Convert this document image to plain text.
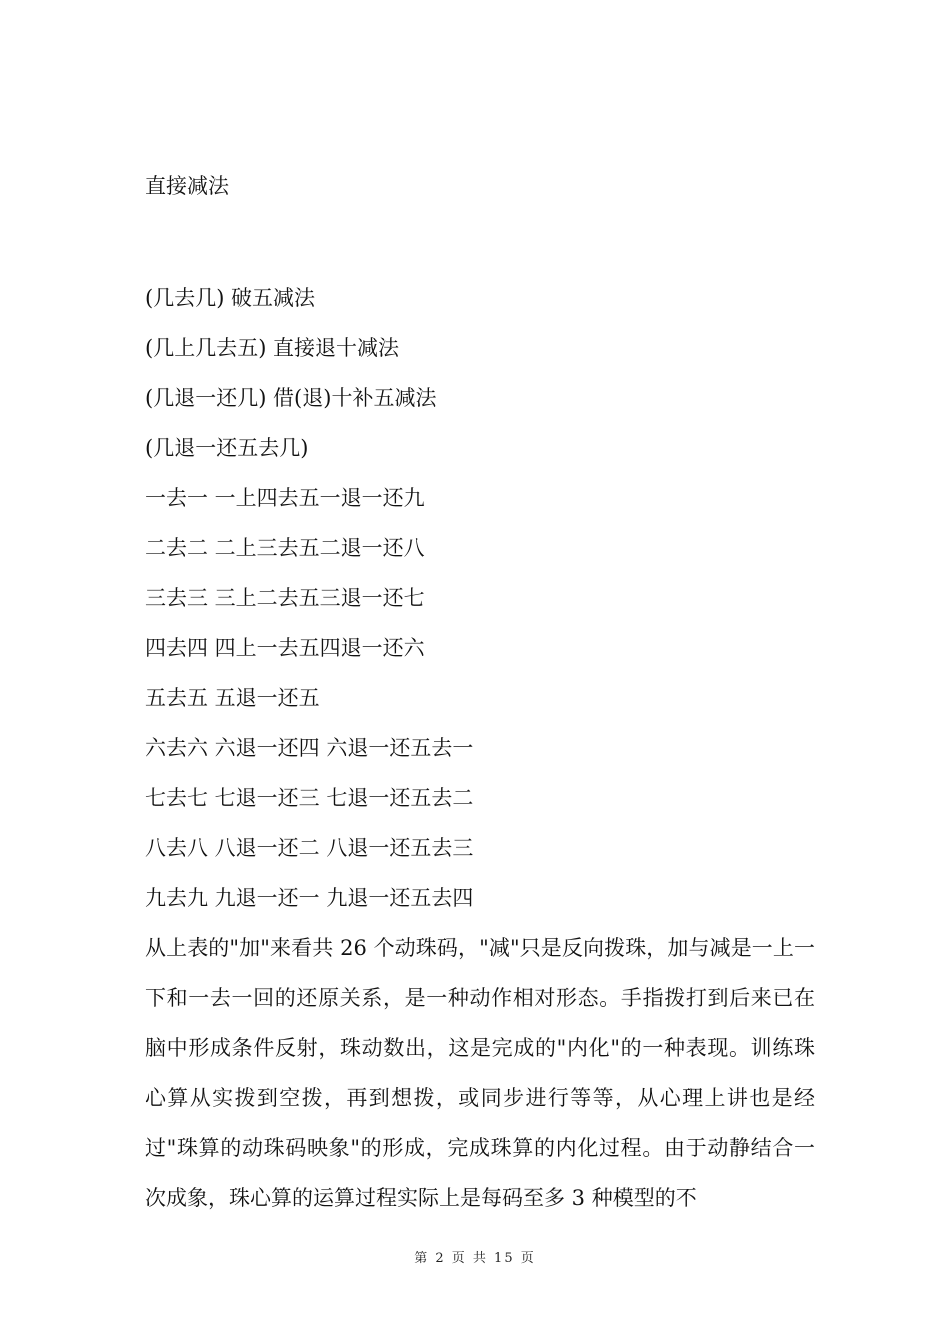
直接减法
(几去几) 破五减法
(几上几去五) 直接退十减法
(几退一还几) 借(退)十补五减法
(几退一还五去几)
一去一 一上四去五一退一还九
二去二 二上三去五二退一还八
三去三 三上二去五三退一还七
四去四 四上一去五四退一还六
五去五 五退一还五
六去六 六退一还四 六退一还五去一
七去七 七退一还三 七退一还五去二
八去八 八退一还二 八退一还五去三
九去九 九退一还一 九退一还五去四

从上表的"加"来看共 26 个动珠码，"减"只是反向拨珠，加与减是一上一下和一去一回的还原关系，是一种动作相对形态。手指拨打到后来已在脑中形成条件反射，珠动数出，这是完成的"内化"的一种表现。训练珠心算从实拨到空拨，再到想拨，或同步进行等等，从心理上讲也是经过"珠算的动珠码映象"的形成，完成珠算的内化过程。由于动静结合一次成象，珠心算的运算过程实际上是每码至多 3 种模型的不

第 2 页 共 15 页
